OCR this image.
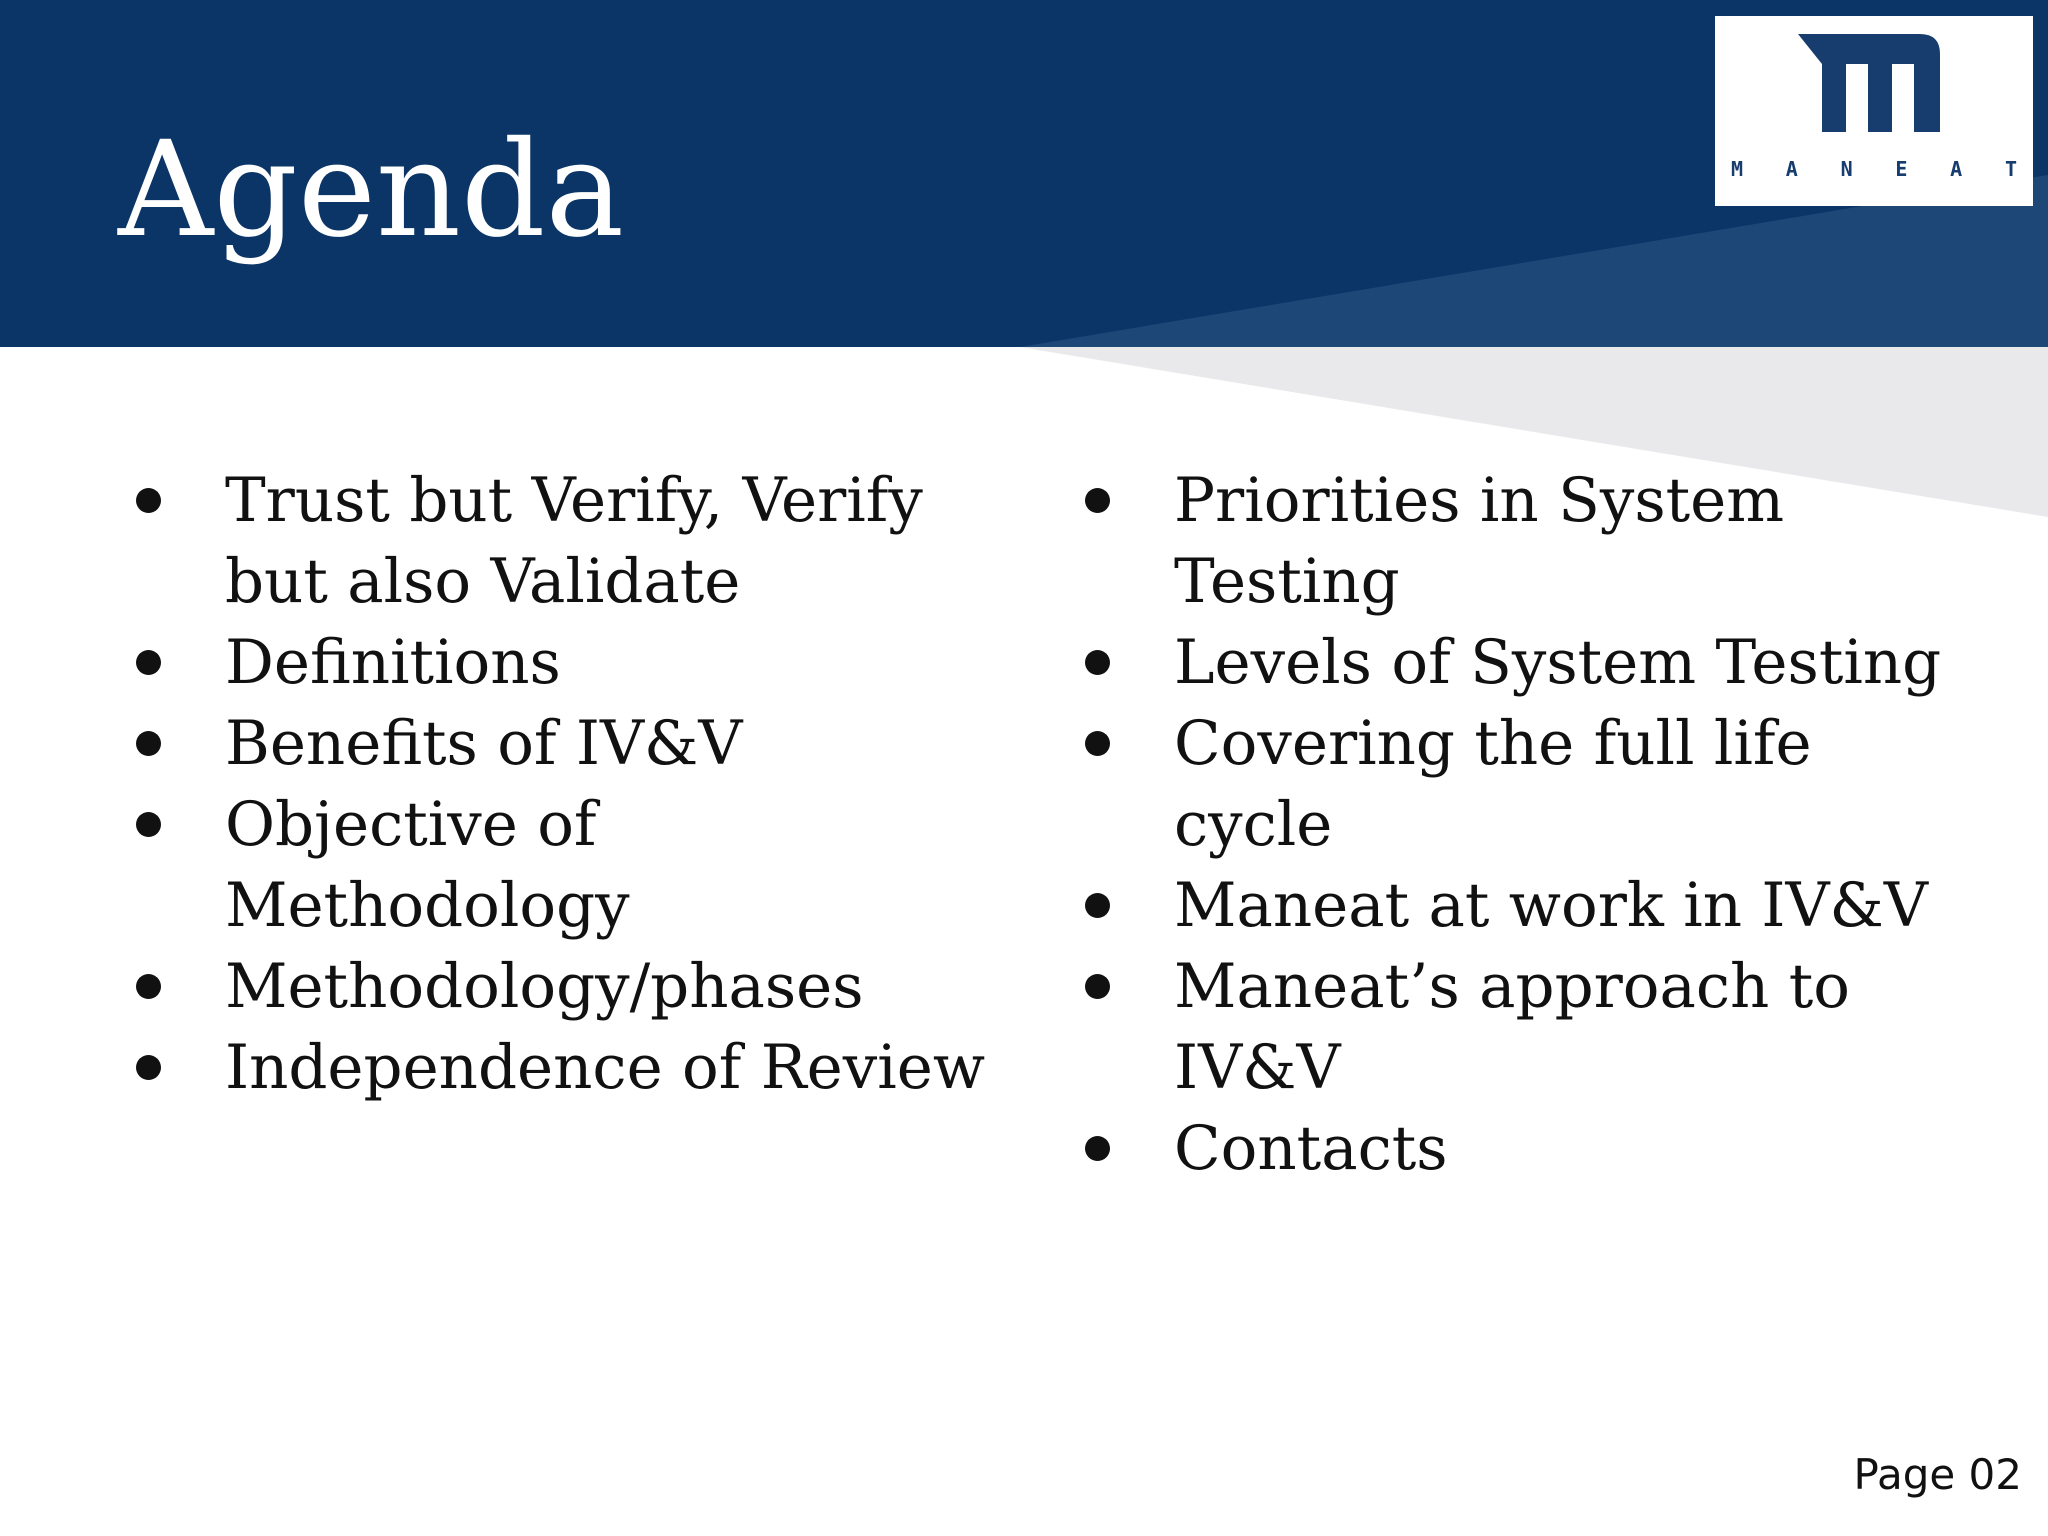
Agenda	M A N E A T
Trust but Verify, Verify but also Validate
Definitions
Benefits of IV&V
Objective of Methodology
Methodology/phases
Independence of Review
Priorities in System Testing
Levels of System Testing
Covering the full life cycle
Maneat at work in IV&V
Maneat’s approach to IV&V
Contacts
Page 02
